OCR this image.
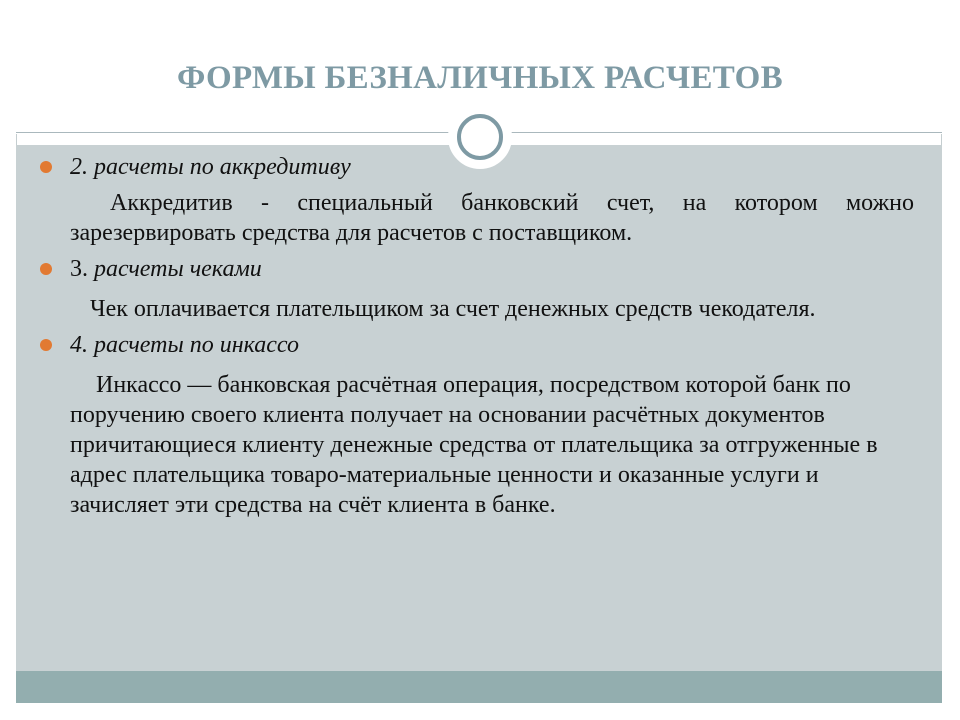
ФОРМЫ БЕЗНАЛИЧНЫХ РАСЧЕТОВ
2. расчеты по аккредитиву
Аккредитив - специальный банковский счет, на котором можно зарезервировать средства для расчетов с поставщиком.
3. расчеты чеками
Чек оплачивается плательщиком за счет денежных средств чекодателя.
4. расчеты по инкассо
Инкассо — банковская расчётная операция, посредством которой банк по поручению своего клиента получает на основании расчётных документов причитающиеся клиенту денежные средства от плательщика за отгруженные в адрес плательщика товаро-материальные ценности и оказанные услуги и зачисляет эти средства на счёт клиента в банке.
